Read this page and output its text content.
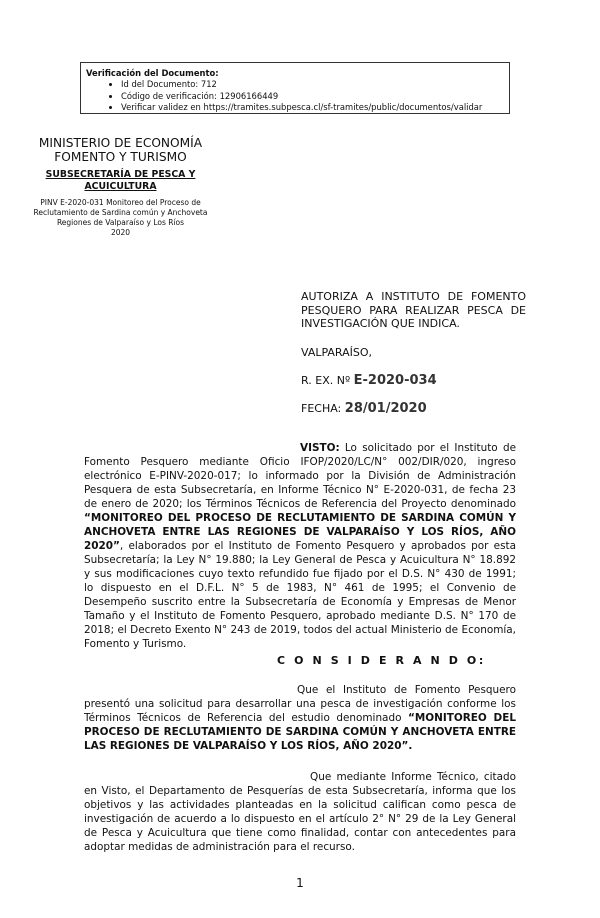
Verificación del Documento:
• Id del Documento: 712
• Código de verificación: 12906166449
• Verificar validez en https://tramites.subpesca.cl/sf-tramites/public/documentos/validar
MINISTERIO DE ECONOMÍA
FOMENTO Y TURISMO
SUBSECRETARÍA DE PESCA Y
ACUICULTURA
PINV E-2020-031 Monitoreo del Proceso de
Reclutamiento de Sardina común y Anchoveta
Regiones de Valparaíso y Los Ríos
2020
AUTORIZA A INSTITUTO DE FOMENTO PESQUERO PARA REALIZAR PESCA DE INVESTIGACIÓN QUE INDICA.
VALPARAÍSO,
R. EX. Nº E-2020-034
FECHA: 28/01/2020
VISTO: Lo solicitado por el Instituto de Fomento Pesquero mediante Oficio IFOP/2020/LC/N° 002/DIR/020, ingreso electrónico E-PINV-2020-017; lo informado por la División de Administración Pesquera de esta Subsecretaría, en Informe Técnico N° E-2020-031, de fecha 23 de enero de 2020; los Términos Técnicos de Referencia del Proyecto denominado “MONITOREO DEL PROCESO DE RECLUTAMIENTO DE SARDINA COMÚN Y ANCHOVETA ENTRE LAS REGIONES DE VALPARAÍSO Y LOS RÍOS, AÑO 2020”, elaborados por el Instituto de Fomento Pesquero y aprobados por esta Subsecretaría; la Ley N° 19.880; la Ley General de Pesca y Acuicultura N° 18.892 y sus modificaciones cuyo texto refundido fue fijado por el D.S. N° 430 de 1991; lo dispuesto en el D.F.L. N° 5 de 1983, N° 461 de 1995; el Convenio de Desempeño suscrito entre la Subsecretaría de Economía y Empresas de Menor Tamaño y el Instituto de Fomento Pesquero, aprobado mediante D.S. N° 170 de 2018; el Decreto Exento N° 243 de 2019, todos del actual Ministerio de Economía, Fomento y Turismo.
C O N S I D E R A N D O:
Que el Instituto de Fomento Pesquero presentó una solicitud para desarrollar una pesca de investigación conforme los Términos Técnicos de Referencia del estudio denominado “MONITOREO DEL PROCESO DE RECLUTAMIENTO DE SARDINA COMÚN Y ANCHOVETA ENTRE LAS REGIONES DE VALPARAÍSO Y LOS RÍOS, AÑO 2020”.
Que mediante Informe Técnico, citado en Visto, el Departamento de Pesquerías de esta Subsecretaría, informa que los objetivos y las actividades planteadas en la solicitud califican como pesca de investigación de acuerdo a lo dispuesto en el artículo 2° N° 29 de la Ley General de Pesca y Acuicultura que tiene como finalidad, contar con antecedentes para adoptar medidas de administración para el recurso.
1
